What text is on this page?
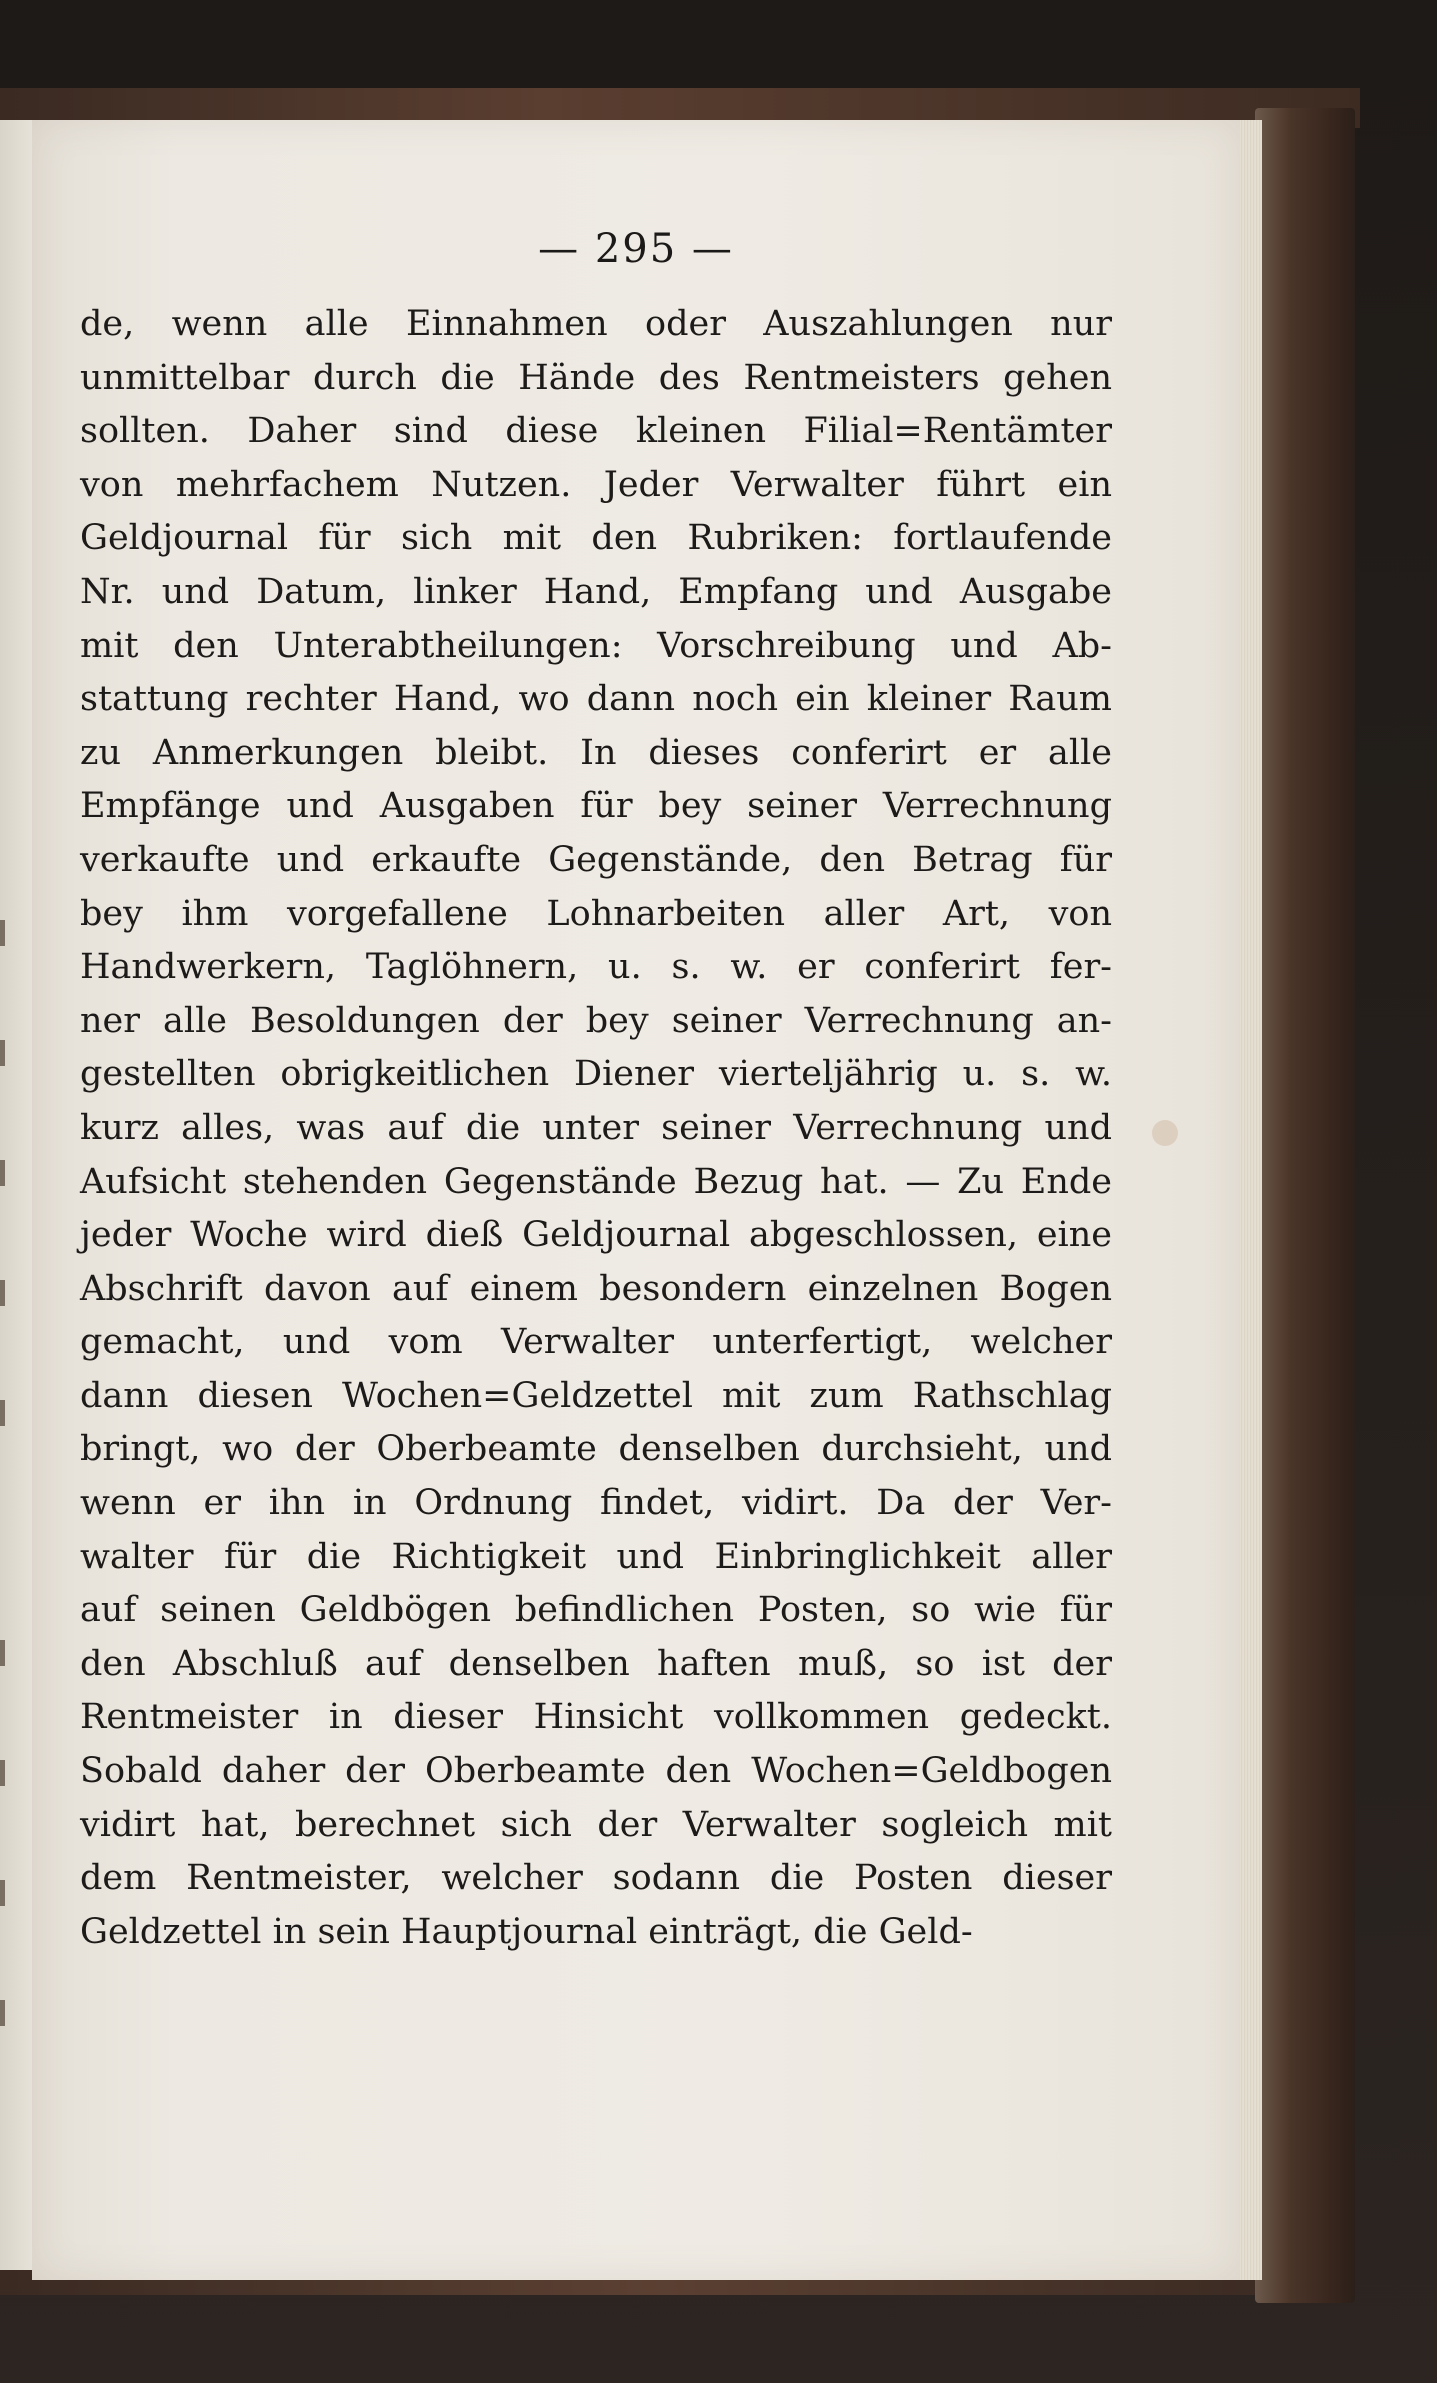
— 295 —
de, wenn alle Einnahmen oder Auszahlungen nur
unmittelbar durch die Hände des Rentmeisters gehen
sollten. Daher sind diese kleinen Filial=Rentämter
von mehrfachem Nutzen. Jeder Verwalter führt ein
Geldjournal für sich mit den Rubriken: fortlaufende
Nr. und Datum, linker Hand, Empfang und Ausgabe
mit den Unterabtheilungen: Vorschreibung und Ab-
stattung rechter Hand, wo dann noch ein kleiner Raum
zu Anmerkungen bleibt. In dieses conferirt er alle
Empfänge und Ausgaben für bey seiner Verrechnung
verkaufte und erkaufte Gegenstände, den Betrag für
bey ihm vorgefallene Lohnarbeiten aller Art, von
Handwerkern, Taglöhnern, u. s. w. er conferirt fer-
ner alle Besoldungen der bey seiner Verrechnung an-
gestellten obrigkeitlichen Diener vierteljährig u. s. w.
kurz alles, was auf die unter seiner Verrechnung und
Aufsicht stehenden Gegenstände Bezug hat. — Zu Ende
jeder Woche wird dieß Geldjournal abgeschlossen, eine
Abschrift davon auf einem besondern einzelnen Bogen
gemacht, und vom Verwalter unterfertigt, welcher
dann diesen Wochen=Geldzettel mit zum Rathschlag
bringt, wo der Oberbeamte denselben durchsieht, und
wenn er ihn in Ordnung findet, vidirt. Da der Ver-
walter für die Richtigkeit und Einbringlichkeit aller
auf seinen Geldbögen befindlichen Posten, so wie für
den Abschluß auf denselben haften muß, so ist der
Rentmeister in dieser Hinsicht vollkommen gedeckt.
Sobald daher der Oberbeamte den Wochen=Geldbogen
vidirt hat, berechnet sich der Verwalter sogleich mit
dem Rentmeister, welcher sodann die Posten dieser
Geldzettel in sein Hauptjournal einträgt, die Geld-
